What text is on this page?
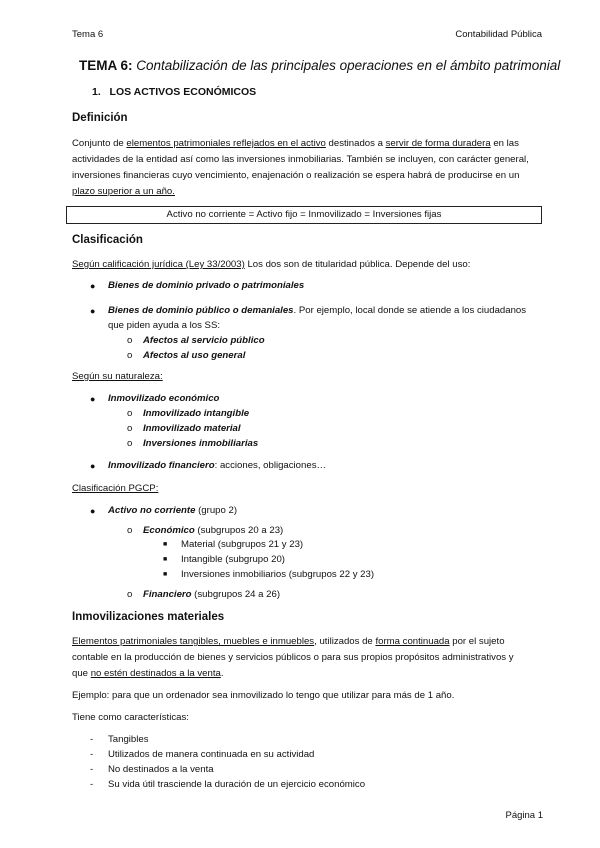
Tema 6	Contabilidad Pública
TEMA 6: Contabilización de las principales operaciones en el ámbito patrimonial
1. LOS ACTIVOS ECONÓMICOS
Definición
Conjunto de elementos patrimoniales reflejados en el activo destinados a servir de forma duradera en las
actividades de la entidad así como las inversiones inmobiliarias. También se incluyen, con carácter general,
inversiones financieras cuyo vencimiento, enajenación o realización se espera habrá de producirse en un
plazo superior a un año.
Activo no corriente = Activo fijo = Inmovilizado = Inversiones fijas
Clasificación
Según calificación jurídica (Ley 33/2003) Los dos son de titularidad pública. Depende del uso:
● Bienes de dominio privado o patrimoniales
● Bienes de dominio público o demaniales. Por ejemplo, local donde se atiende a los ciudadanos
que piden ayuda a los SS:
o Afectos al servicio público
o Afectos al uso general
Según su naturaleza:
● Inmovilizado económico
o Inmovilizado intangible
o Inmovilizado material
o Inversiones inmobiliarias
● Inmovilizado financiero: acciones, obligaciones…
Clasificación PGCP:
● Activo no corriente (grupo 2)
o Económico (subgrupos 20 a 23)
■ Material (subgrupos 21 y 23)
■ Intangible (subgrupo 20)
■ Inversiones inmobiliarios (subgrupos 22 y 23)
o Financiero (subgrupos 24 a 26)
Inmovilizaciones materiales
Elementos patrimoniales tangibles, muebles e inmuebles, utilizados de forma continuada por el sujeto
contable en la producción de bienes y servicios públicos o para sus propios propósitos administrativos y
que no estén destinados a la venta.
Ejemplo: para que un ordenador sea inmovilizado lo tengo que utilizar para más de 1 año.
Tiene como características:
- Tangibles
- Utilizados de manera continuada en su actividad
- No destinados a la venta
- Su vida útil trasciende la duración de un ejercicio económico
Página 1
